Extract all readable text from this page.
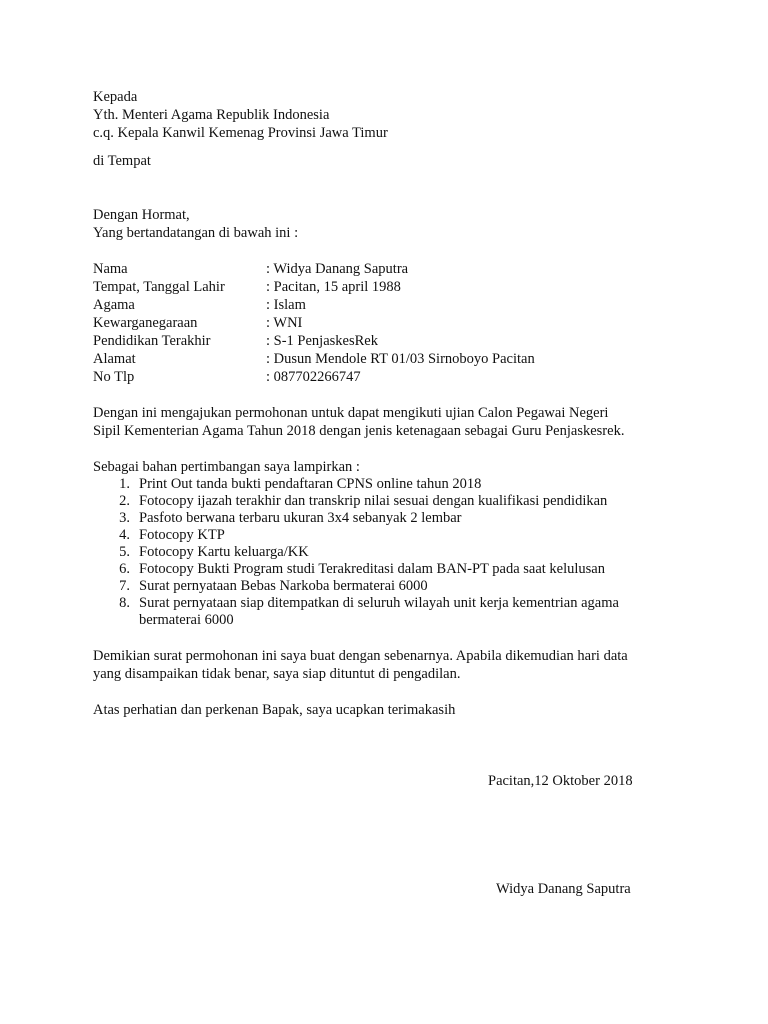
Kepada
Yth. Menteri Agama Republik Indonesia
c.q. Kepala Kanwil Kemenag Provinsi Jawa Timur
di Tempat
Dengan Hormat,
Yang bertandatangan di bawah ini :
Nama	: Widya Danang Saputra
Tempat, Tanggal Lahir	: Pacitan, 15 april 1988
Agama	: Islam
Kewarganegaraan	: WNI
Pendidikan Terakhir	: S-1 PenjaskesRek
Alamat	: Dusun Mendole RT 01/03 Sirnoboyo Pacitan
No Tlp	: 087702266747
Dengan ini mengajukan permohonan untuk dapat mengikuti ujian Calon Pegawai Negeri
Sipil Kementerian Agama Tahun 2018 dengan jenis ketenagaan sebagai Guru Penjaskesrek.
Sebagai bahan pertimbangan saya lampirkan :
1. Print Out tanda bukti pendaftaran CPNS online tahun 2018
2. Fotocopy ijazah terakhir dan transkrip nilai sesuai dengan kualifikasi pendidikan
3. Pasfoto berwana terbaru ukuran 3x4 sebanyak 2 lembar
4. Fotocopy KTP
5. Fotocopy Kartu keluarga/KK
6. Fotocopy Bukti Program studi Terakreditasi dalam BAN-PT pada saat kelulusan
7. Surat pernyataan Bebas Narkoba bermaterai 6000
8. Surat pernyataan siap ditempatkan di seluruh wilayah unit kerja kementrian agama
bermaterai 6000
Demikian surat permohonan ini saya buat dengan sebenarnya. Apabila dikemudian hari data
yang disampaikan tidak benar, saya siap dituntut di pengadilan.
Atas perhatian dan perkenan Bapak, saya ucapkan terimakasih
Pacitan,12 Oktober 2018
Widya Danang Saputra
